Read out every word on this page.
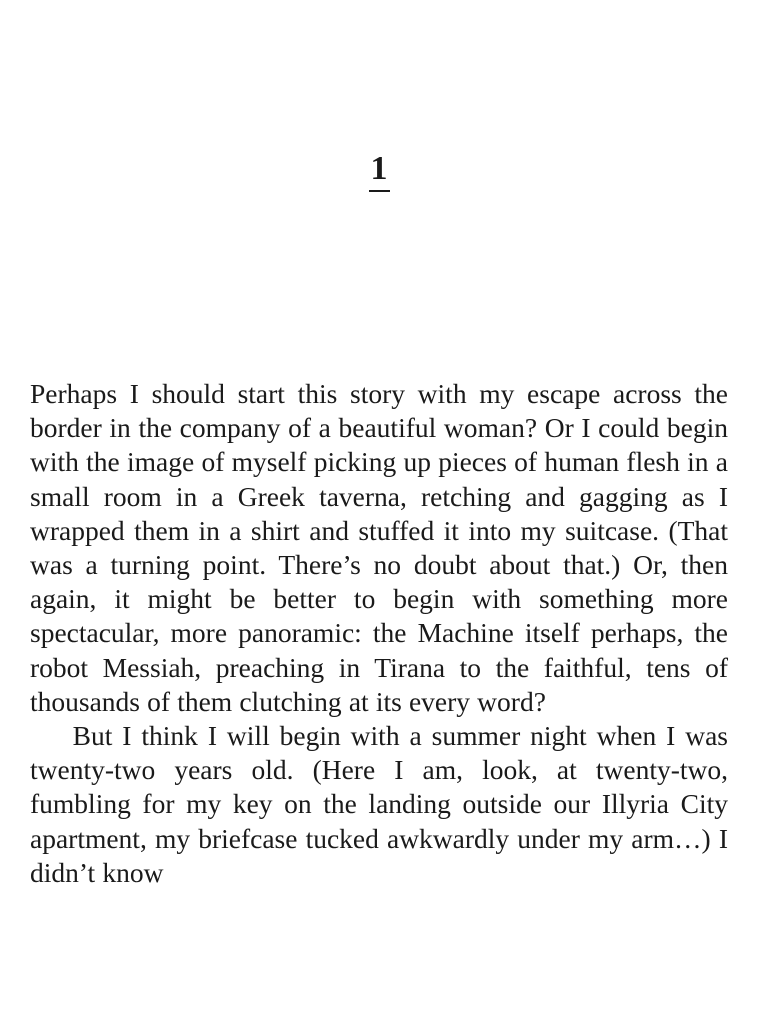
1

Perhaps I should start this story with my escape across the border in the company of a beautiful woman? Or I could begin with the image of myself picking up pieces of human flesh in a small room in a Greek taverna, retching and gagging as I wrapped them in a shirt and stuffed it into my suitcase. (That was a turning point. There’s no doubt about that.) Or, then again, it might be better to begin with something more spectacular, more panoramic: the Machine itself perhaps, the robot Messiah, preaching in Tirana to the faithful, tens of thousands of them clutching at its every word?

But I think I will begin with a summer night when I was twenty-two years old. (Here I am, look, at twenty-two, fumbling for my key on the landing outside our Illyria City apartment, my briefcase tucked awkwardly under my arm…) I didn’t know
